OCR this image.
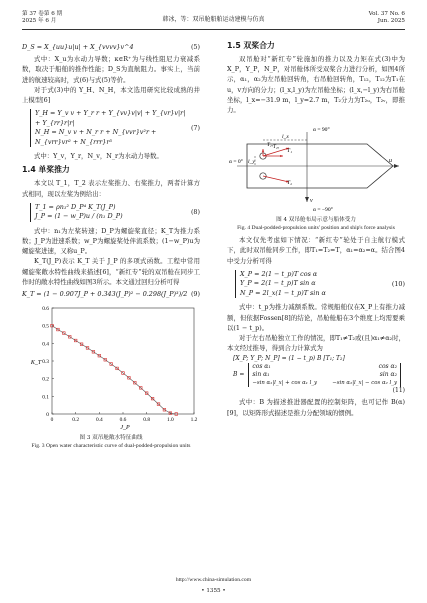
第 37 卷第 6 期
2025 年 6 月	韩冰，等：双吊舱船舶运动建模与仿真
Vol. 37 No. 6
Jun. 2025
D_S = X_{uu}u|u| + X_{vvvv}v^4	(5)

式中：X_u为水动力导数；κ∈R⁺为与线性阻尼力衰减系数，取决于船舶的推作性能；D_S为直航阻力。事实上，当前进的航速较高时，式(6)与式(5)等价。

对于式(3)中的 Y_H、N_H，本文选用研究比较成熟的井上模型[6]

Y_H = Y_v v + Y_r r + Y_{vv}v|v| + Y_{vr}v|r| + Y_{rr}r|r|
N_H = N_v v + N_r r + N_{vvr}v²r + N_{vrr}vr² + N_{rrr}r³
(7)

式中：Y_v，Y_r，N_v，N_r为水动力导数。

1.4 单桨推力

本文以 T_1，T_2 表示左桨推力、右桨推力，两者计算方式相同，现以左桨为例给出：

T_1 = ρn₁² D_P⁴ K_T(J_P)
J_P = (1 − w_P)u / (n₁ D_P)
(8)

式中：n₁为左桨转速；D_P为螺旋桨直径；K_T为推力系数；J_P为进速系数；w_P为螺旋桨处伴流系数；(1−w_P)u为螺旋桨进速，又称u_P。

K_T(J_P)表示 K_T 关于 J_P 的多项式函数。工程中常用螺旋桨敞水特性曲线来描述[6]，“新红专”轮的双吊舱在同步工作时的敞水特性曲线如图3所示。本文通过回归分析可得

K_T = (1 − 0.907J_P + 0.343(J_P)² − 0.298(J_P)³)/2 (9)
0	0.2	0.4	0.6	0.8	1.0	1.2
0
0.1
0.2
0.3
0.4
0.5
0.6
J_P
K_T
图 3 双吊舱敞水特征曲线
Fig. 3 Open water characteristic curve of dual-podded-propulsion units
1.5 双桨合力

双吊舱对“新红专”轮施加的推力以及力矩在式(3)中为X_P，Y_P，N_P，对吊舱体所受双桨合力进行分析，如图4所示，α₁，α₂为左吊舱回转角，右吊舱回转角，T₁₂，T₁₂为T₁在u，v方向的分力；(l_x,l_y)为左吊舱坐标；(l_x,−l_y)为右吊舱坐标，l_x=−31.9 m，l_y=2.7 m，T₂分力为T₂ᵤ，T₂ᵥ，即推力。

u
v
α = 90°
α = 0°
α = −90°
l_x
l_y
T₁
T₁ᵤ
T₁ᵥ
T₂
图 4 双吊舱布局示意与船体受力
Fig. 4 Dual-podded-propulsion units' position and ship's force analysis

本文仅先考虑如下情况：“新红专”轮处于自主航行模式下，此时双吊舱同步工作，即T₁=T₂=T，α₁=α₂=α。结合图4中受力分析可得

X_P = 2(1 − t_p)T cos α
Y_P = 2(1 − t_p)T sin α
N_P = 2l_x(1 − t_p)T sin α
(10)

式中：t_p为推力减额系数。常规船舶仅在X_P上有推力减额，但依据Fossen[8]的结论，吊舱舱船在3个维度上均需要乘以(1 − t_p)。

对于左右吊舱独立工作的情况，即T₁≠T₂或(且)α₁≠α₂时，本文经过推导，得到合力计算式为

[X_P; Y_P; N_P] = (1 − t_p) B [T₁; T₂]
B =
cos α₁	cos α₂
sin α₁	sin α₂
−sin α₁|l_x| + cos α₁ l_y	−sin α₂|l_x| − cos α₂ l_y
(11)

式中：B 为描述推进器配置的控制矩阵，也可记作 B(α)[9]，以矩阵形式描述是推力分配领域的惯例。

http://www.china-simulation.com
• 1355 •
